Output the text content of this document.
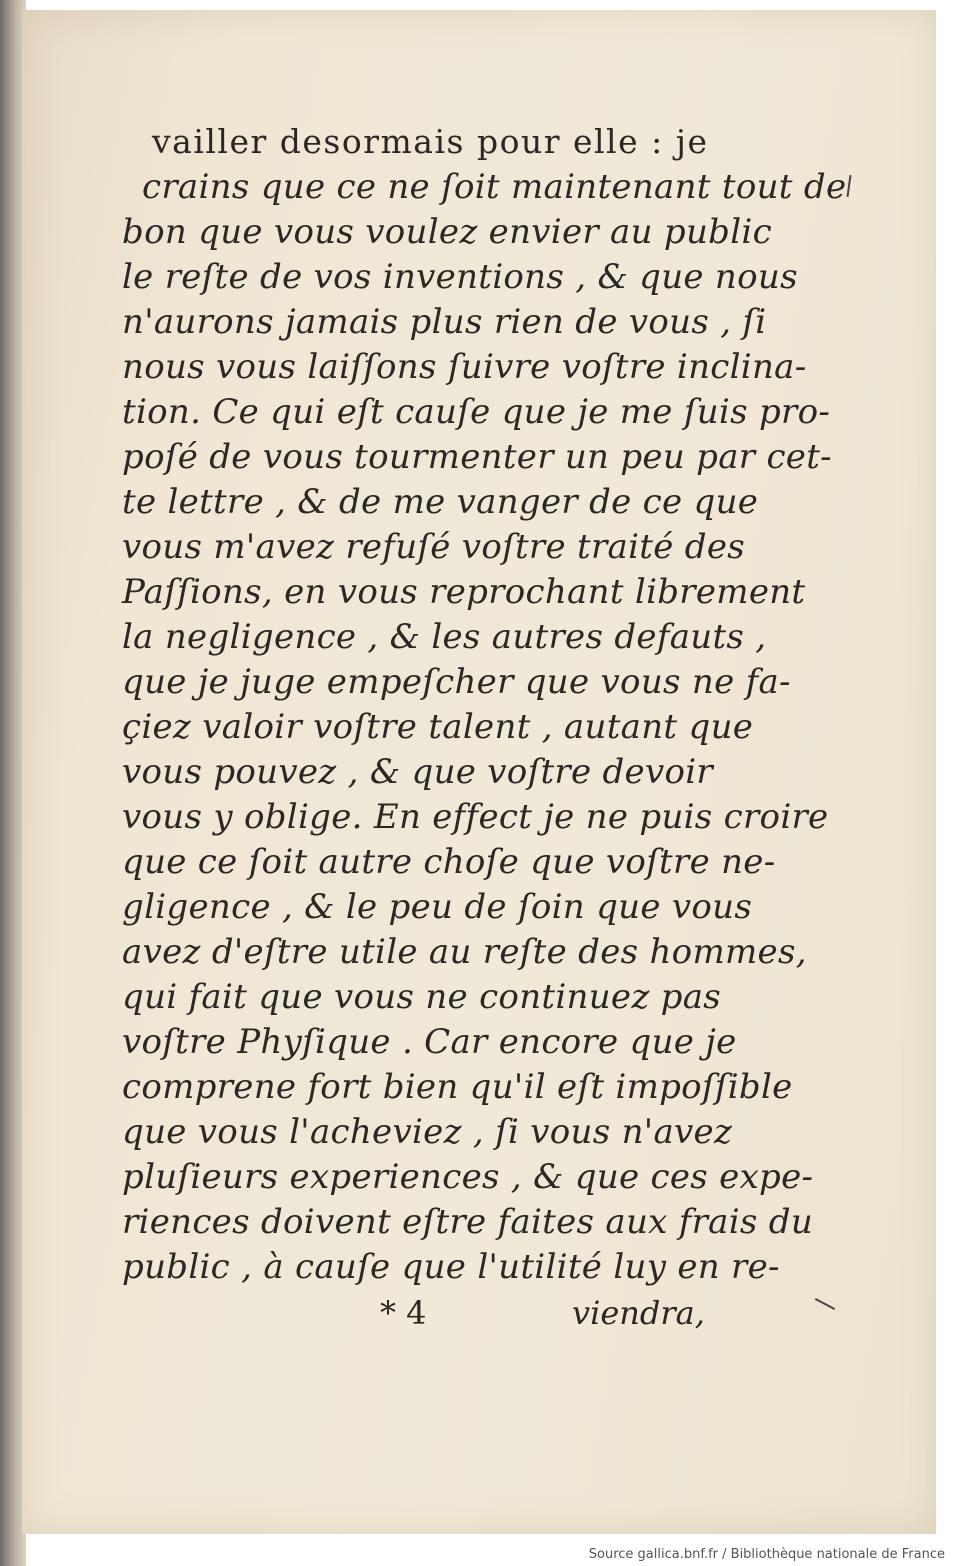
vailler desormais pour elle : je
crains que ce ne ſoit maintenant tout de
bon que vous voulez envier au public
le reſte de vos inventions , & que nous
n'aurons jamais plus rien de vous , ſi
nous vous laiſſons ſuivre voſtre inclina-
tion. Ce qui eſt cauſe que je me ſuis pro-
poſé de vous tourmenter un peu par cet-
te lettre , & de me vanger de ce que
vous m'avez refuſé voſtre traité des
Paſſions, en vous reprochant librement
la negligence , & les autres defauts ,
que je juge empeſcher que vous ne fa-
çiez valoir voſtre talent , autant que
vous pouvez , & que voſtre devoir
vous y oblige. En effect je ne puis croire
que ce ſoit autre choſe que voſtre ne-
gligence , & le peu de ſoin que vous
avez d'eſtre utile au reſte des hommes,
qui fait que vous ne continuez pas
voſtre Phyſique . Car encore que je
comprene fort bien qu'il eſt impoſſible
que vous l'acheviez , ſi vous n'avez
pluſieurs experiences , & que ces expe-
riences doivent eſtre faites aux frais du
public , à cauſe que l'utilité luy en re-
* 4	viendra,
Source gallica.bnf.fr / Bibliothèque nationale de France
